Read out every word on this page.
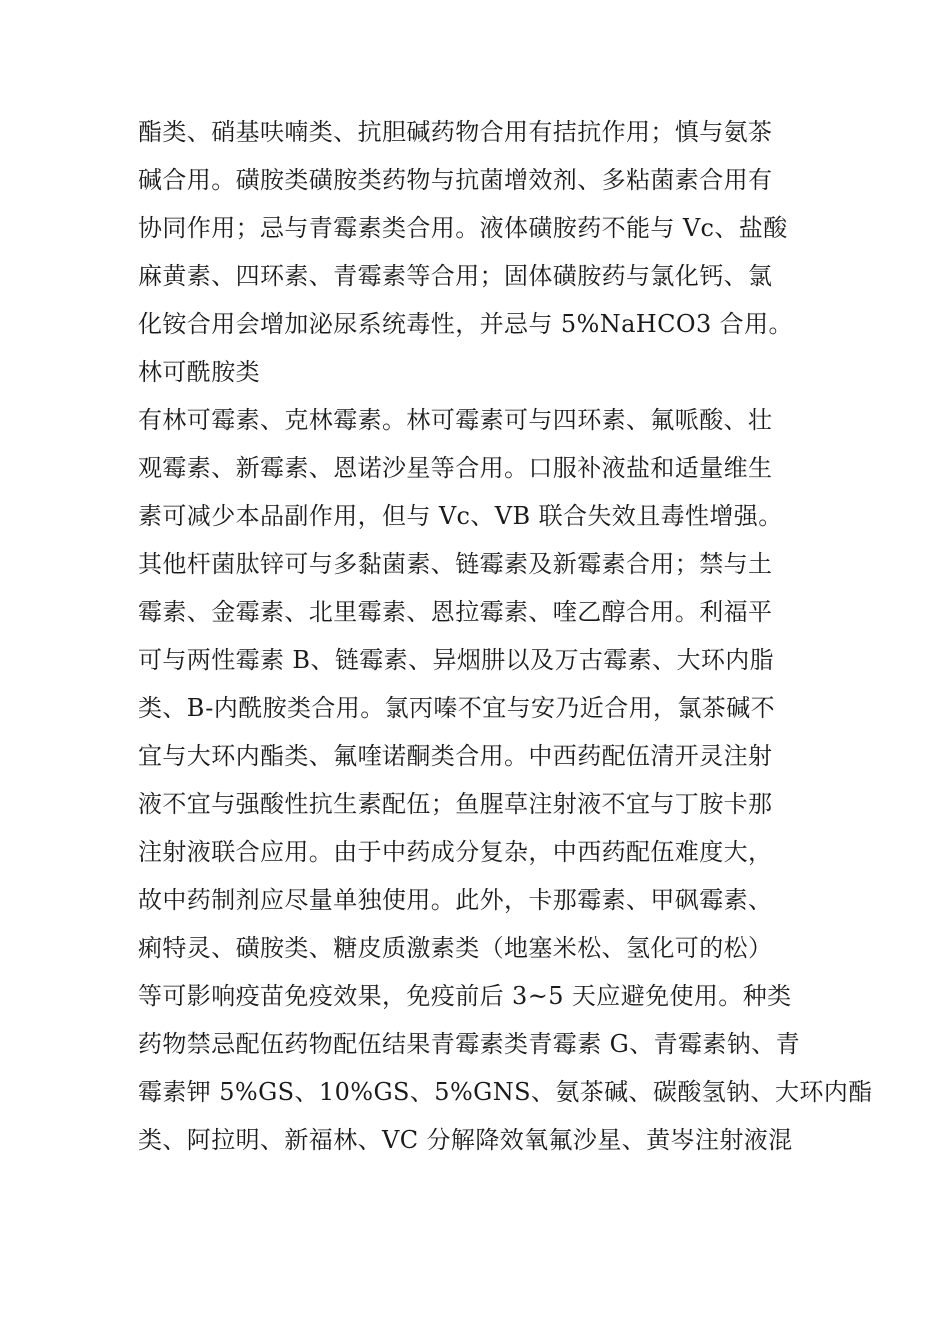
酯类、硝基呋喃类、抗胆碱药物合用有拮抗作用；慎与氨茶
碱合用。磺胺类磺胺类药物与抗菌增效剂、多粘菌素合用有
协同作用；忌与青霉素类合用。液体磺胺药不能与 Vc、盐酸
麻黄素、四环素、青霉素等合用；固体磺胺药与氯化钙、氯
化铵合用会增加泌尿系统毒性，并忌与 5%NaHCO3 合用。
林可酰胺类
有林可霉素、克林霉素。林可霉素可与四环素、氟哌酸、壮
观霉素、新霉素、恩诺沙星等合用。口服补液盐和适量维生
素可减少本品副作用，但与 Vc、VB 联合失效且毒性增强。
其他杆菌肽锌可与多黏菌素、链霉素及新霉素合用；禁与土
霉素、金霉素、北里霉素、恩拉霉素、喹乙醇合用。利福平
可与两性霉素 B、链霉素、异烟肼以及万古霉素、大环内脂
类、B-内酰胺类合用。氯丙嗪不宜与安乃近合用，氯茶碱不
宜与大环内酯类、氟喹诺酮类合用。中西药配伍清开灵注射
液不宜与强酸性抗生素配伍；鱼腥草注射液不宜与丁胺卡那
注射液联合应用。由于中药成分复杂，中西药配伍难度大，
故中药制剂应尽量单独使用。此外，卡那霉素、甲砜霉素、
痢特灵、磺胺类、糖皮质激素类（地塞米松、氢化可的松）
等可影响疫苗免疫效果，免疫前后 3~5 天应避免使用。种类
药物禁忌配伍药物配伍结果青霉素类青霉素 G、青霉素钠、青
霉素钾 5%GS、10%GS、5%GNS、氨茶碱、碳酸氢钠、大环内酯
类、阿拉明、新福林、VC 分解降效氧氟沙星、黄岑注射液混
